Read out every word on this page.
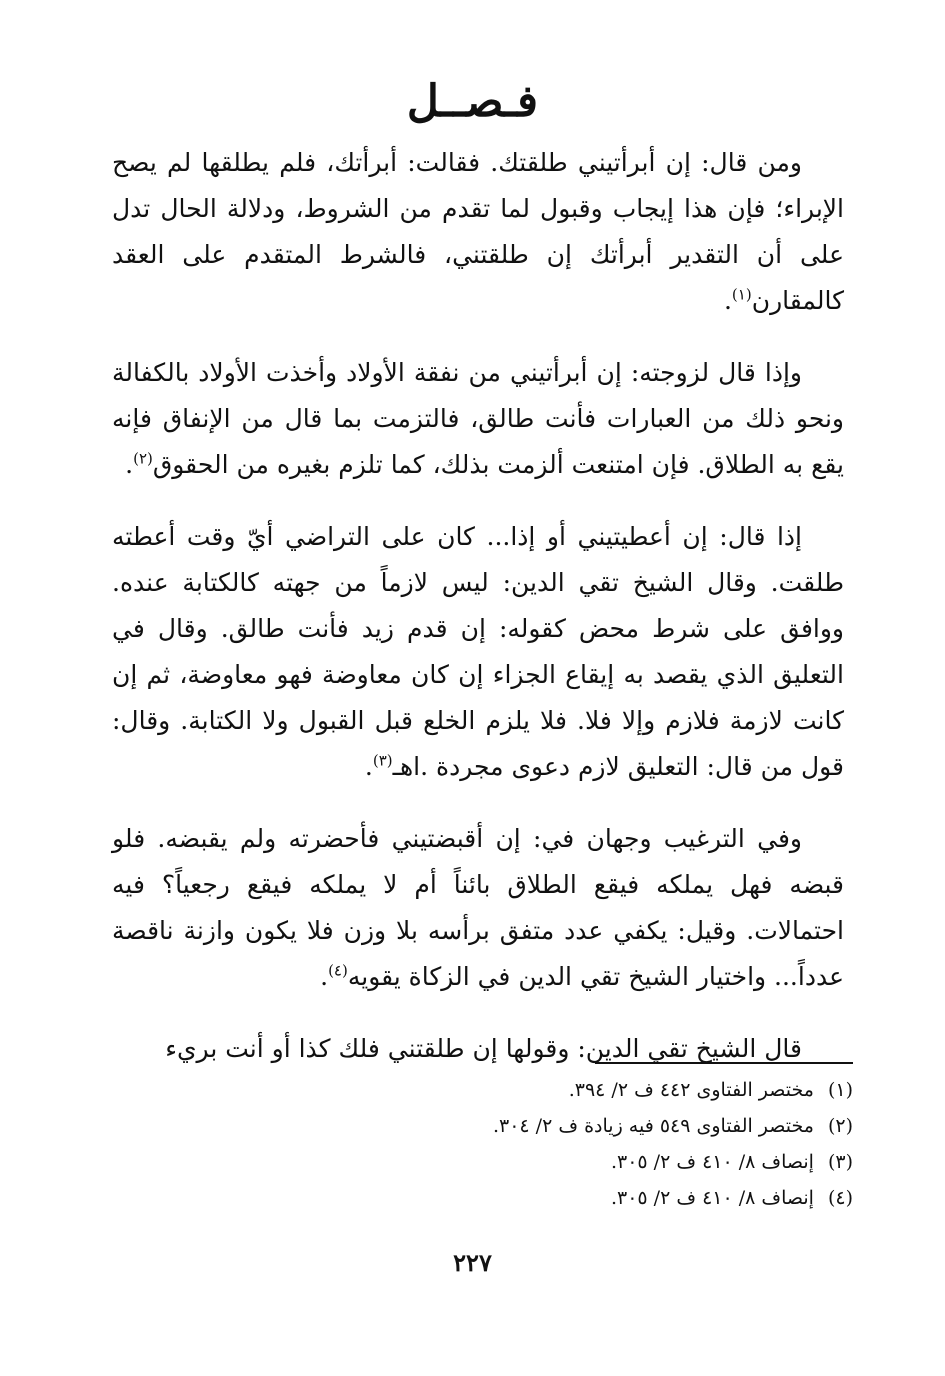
فـصــل

ومن قال: إن أبرأتيني طلقتك. فقالت: أبرأتك، فلم يطلقها لم يصح الإبراء؛ فإن هذا إيجاب وقبول لما تقدم من الشروط، ودلالة الحال تدل على أن التقدير أبرأتك إن طلقتني، فالشرط المتقدم على العقد كالمقارن$^{(١)}$.

وإذا قال لزوجته: إن أبرأتيني من نفقة الأولاد وأخذت الأولاد بالكفالة ونحو ذلك من العبارات فأنت طالق، فالتزمت بما قال من الإنفاق فإنه يقع به الطلاق. فإن امتنعت ألزمت بذلك، كما تلزم بغيره من الحقوق$^{(٢)}$.

إذا قال: إن أعطيتيني أو إذا... كان على التراضي أيّ وقت أعطته طلقت. وقال الشيخ تقي الدين: ليس لازماً من جهته كالكتابة عنده. ووافق على شرط محض كقوله: إن قدم زيد فأنت طالق. وقال في التعليق الذي يقصد به إيقاع الجزاء إن كان معاوضة فهو معاوضة، ثم إن كانت لازمة فلازم وإلا فلا. فلا يلزم الخلع قبل القبول ولا الكتابة. وقال: قول من قال: التعليق لازم دعوى مجردة .اهـ$^{(٣)}$.

وفي الترغيب وجهان في: إن أقبضتيني فأحضرته ولم يقبضه. فلو قبضه فهل يملكه فيقع الطلاق بائناً أم لا يملكه فيقع رجعياً؟ فيه احتمالات. وقيل: يكفي عدد متفق برأسه بلا وزن فلا يكون وازنة ناقصة عدداً... واختيار الشيخ تقي الدين في الزكاة يقويه$^{(٤)}$.

قال الشيخ تقي الدين: وقولها إن طلقتني فلك كذا أو أنت بريء

(١)مختصر الفتاوى ٤٤٢ ف ٢/ ٣٩٤.
(٢)مختصر الفتاوى ٥٤٩ فيه زيادة ف ٢/ ٣٠٤.
(٣)إنصاف ٨/ ٤١٠ ف ٢/ ٣٠٥.
(٤)إنصاف ٨/ ٤١٠ ف ٢/ ٣٠٥.
٢٢٧
